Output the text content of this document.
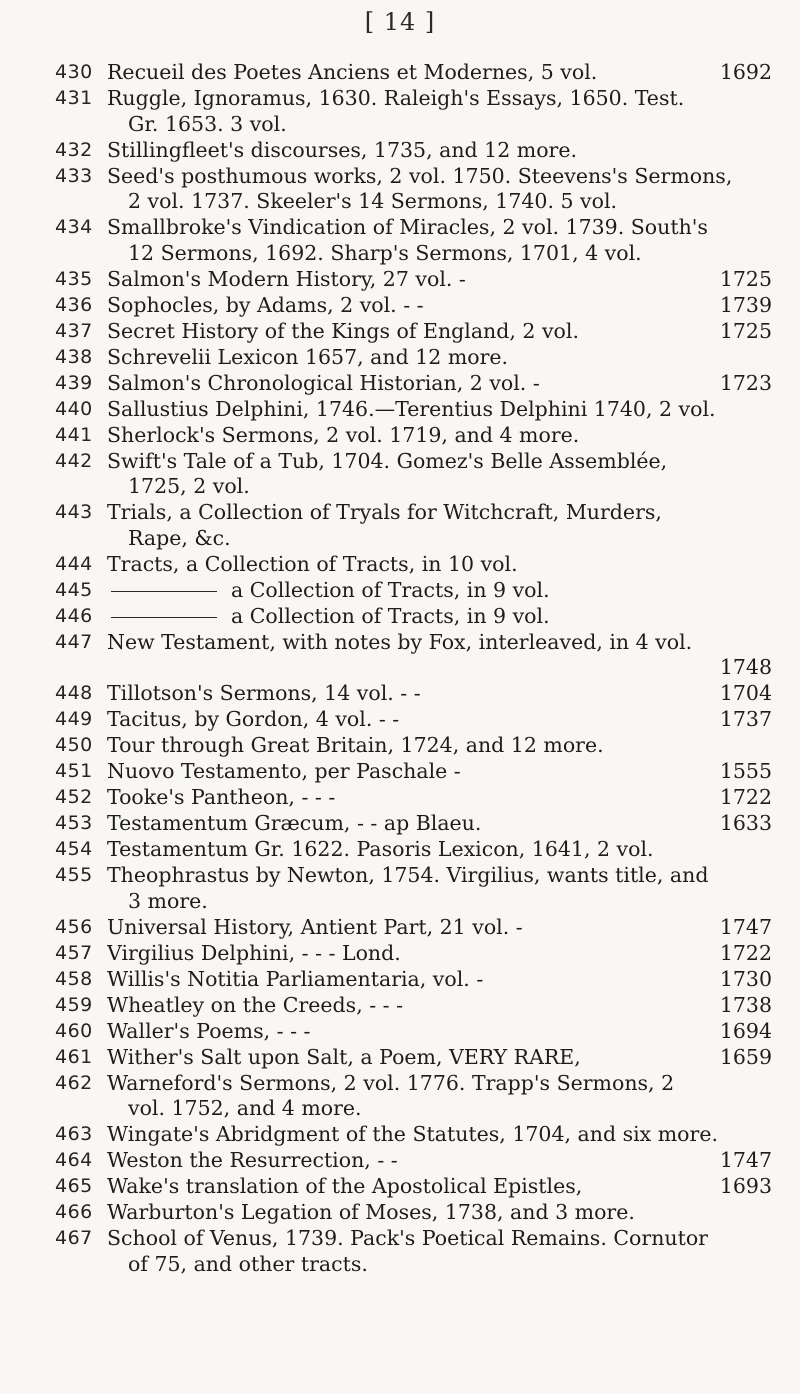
[ 14 ]
430 Recueil des Poetes Anciens et Modernes, 5 vol.	1692
431 Ruggle, Ignoramus, 1630. Raleigh's Essays, 1650. Test.
Gr. 1653. 3 vol.
432 Stillingfleet's discourses, 1735, and 12 more.
433 Seed's posthumous works, 2 vol. 1750. Steevens's Sermons,
2 vol. 1737. Skeeler's 14 Sermons, 1740. 5 vol.
434 Smallbroke's Vindication of Miracles, 2 vol. 1739. South's
12 Sermons, 1692. Sharp's Sermons, 1701, 4 vol.
435 Salmon's Modern History, 27 vol. -	1725
436 Sophocles, by Adams, 2 vol. - -	1739
437 Secret History of the Kings of England, 2 vol.	1725
438 Schrevelii Lexicon 1657, and 12 more.
439 Salmon's Chronological Historian, 2 vol. -	1723
440 Sallustius Delphini, 1746.—Terentius Delphini 1740, 2 vol.
441 Sherlock's Sermons, 2 vol. 1719, and 4 more.
442 Swift's Tale of a Tub, 1704. Gomez's Belle Assemblée,
1725, 2 vol.
443 Trials, a Collection of Tryals for Witchcraft, Murders,
Rape, &c.
444 Tracts, a Collection of Tracts, in 10 vol.
445	a Collection of Tracts, in 9 vol.
446	a Collection of Tracts, in 9 vol.
447 New Testament, with notes by Fox, interleaved, in 4 vol.
1748
448 Tillotson's Sermons, 14 vol. - -	1704
449 Tacitus, by Gordon, 4 vol. - -	1737
450 Tour through Great Britain, 1724, and 12 more.
451 Nuovo Testamento, per Paschale -	1555
452 Tooke's Pantheon, - - -	1722
453 Testamentum Græcum, - - ap Blaeu.	1633
454 Testamentum Gr. 1622. Pasoris Lexicon, 1641, 2 vol.
455 Theophrastus by Newton, 1754. Virgilius, wants title, and
3 more.
456 Universal History, Antient Part, 21 vol. -	1747
457 Virgilius Delphini, - - - Lond.	1722
458 Willis's Notitia Parliamentaria, vol. -	1730
459 Wheatley on the Creeds, - - -	1738
460 Waller's Poems, - - -	1694
461 Wither's Salt upon Salt, a Poem, VERY RARE,	1659
462 Warneford's Sermons, 2 vol. 1776. Trapp's Sermons, 2
vol. 1752, and 4 more.
463 Wingate's Abridgment of the Statutes, 1704, and six more.
464 Weston the Resurrection, - -	1747
465 Wake's translation of the Apostolical Epistles,	1693
466 Warburton's Legation of Moses, 1738, and 3 more.
467 School of Venus, 1739. Pack's Poetical Remains. Cornutor
of 75, and other tracts.
